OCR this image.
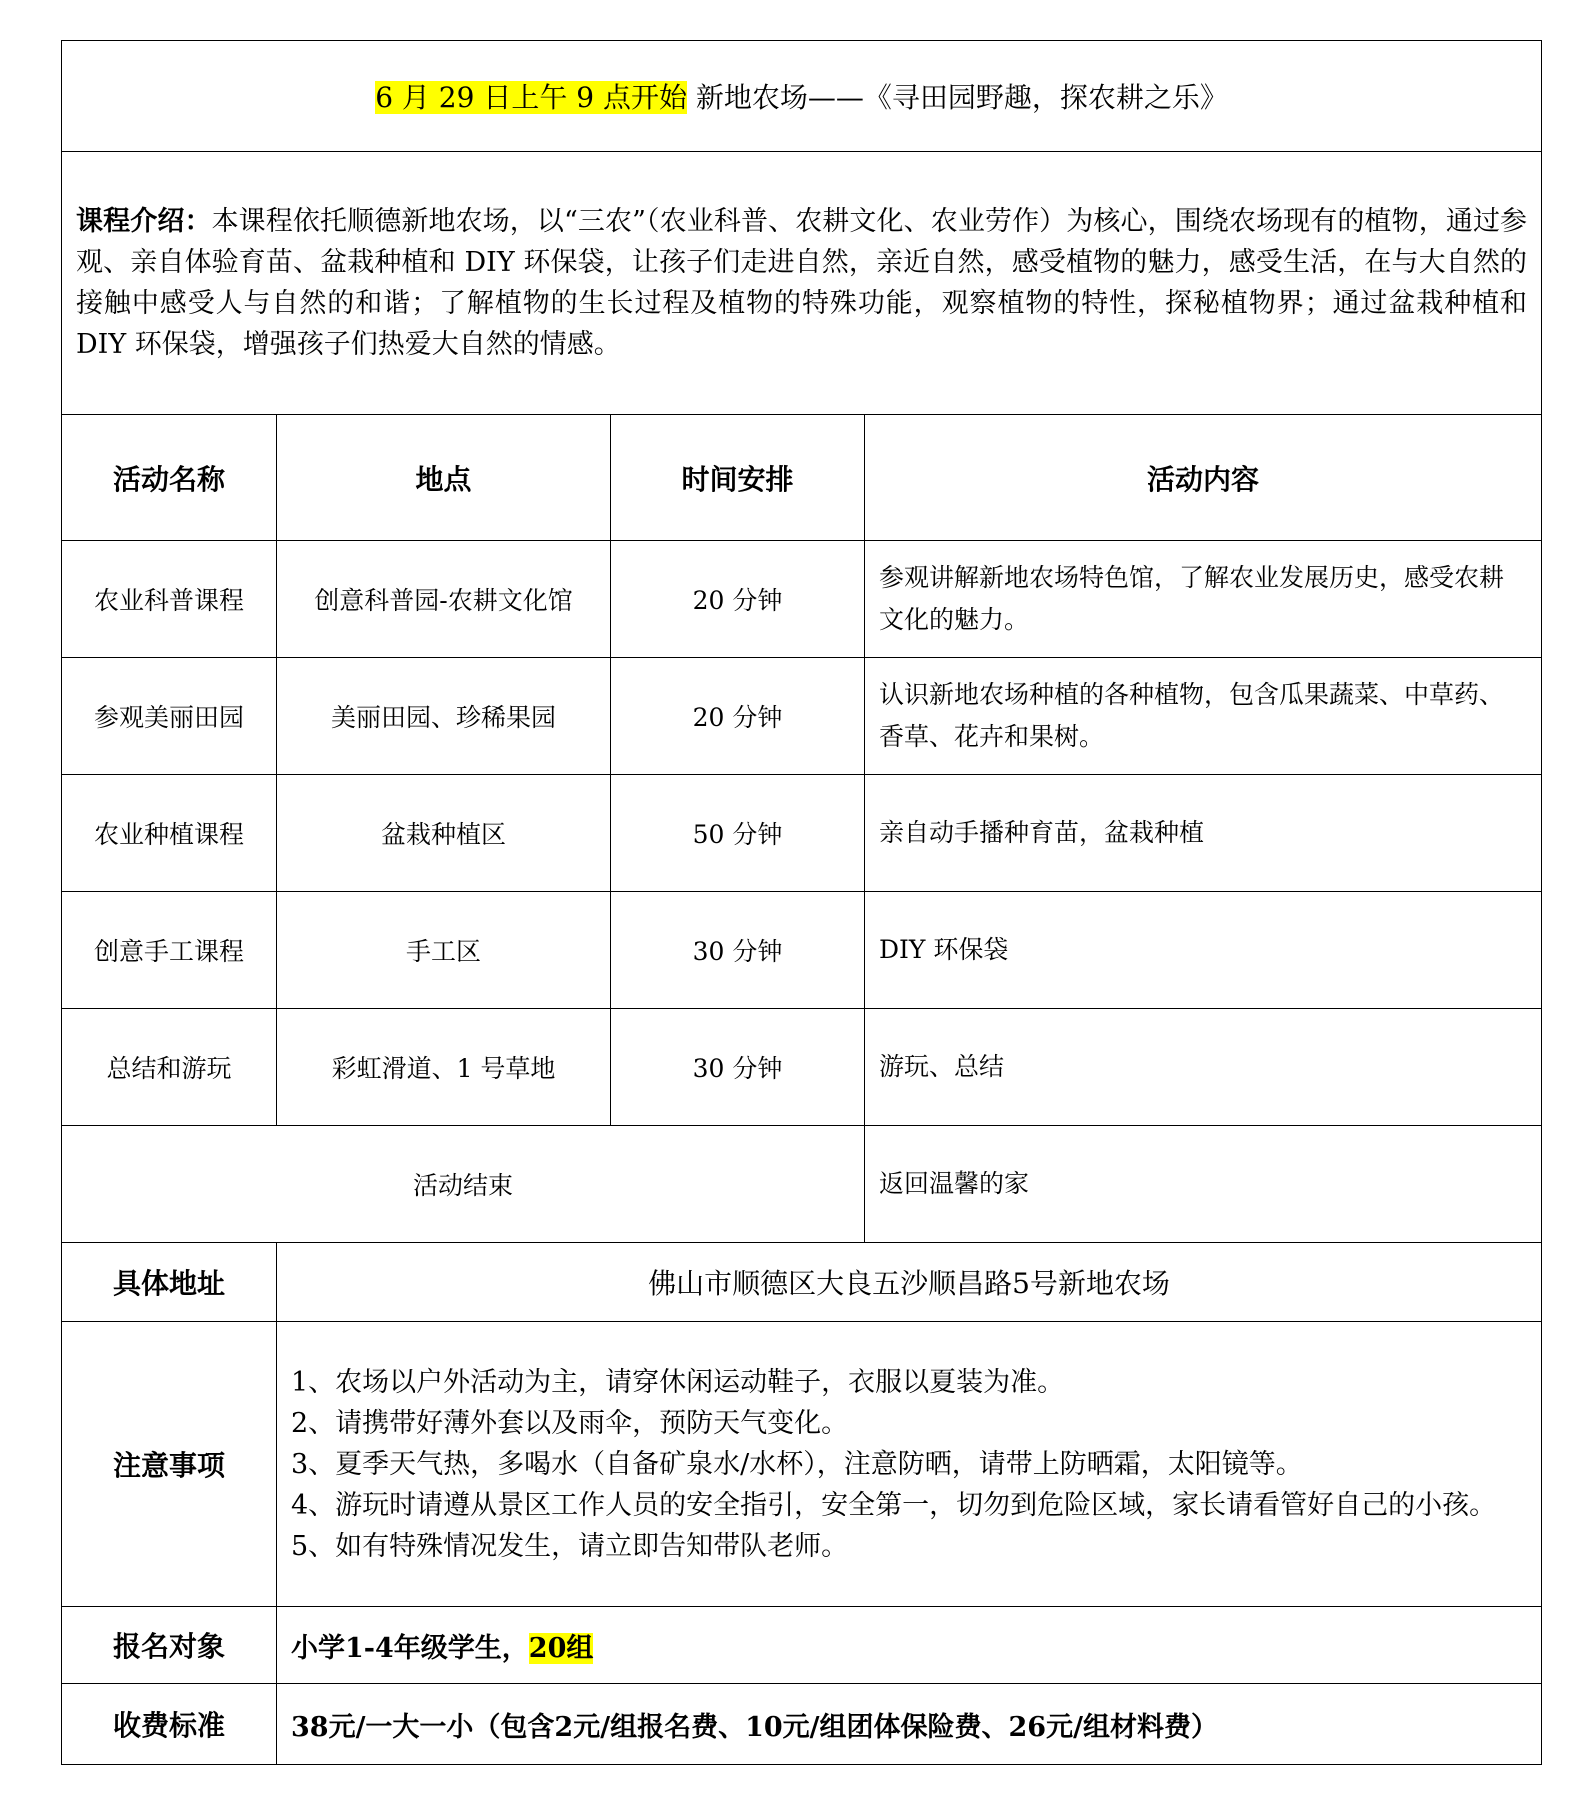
6 月 29 日上午 9 点开始 新地农场——《寻田园野趣，探农耕之乐》			
课程介绍：本课程依托顺德新地农场，以“三农”（农业科普、农耕文化、农业劳作）为核心，围绕农场现有的植物，通过参观、亲自体验育苗、盆栽种植和 DIY 环保袋，让孩子们走进自然，亲近自然，感受植物的魅力，感受生活，在与大自然的接触中感受人与自然的和谐；了解植物的生长过程及植物的特殊功能，观察植物的特性，探秘植物界；通过盆栽种植和 DIY 环保袋，增强孩子们热爱大自然的情感。			
活动名称	地点	时间安排	活动内容
农业科普课程	创意科普园-农耕文化馆	20 分钟	参观讲解新地农场特色馆，了解农业发展历史，感受农耕文化的魅力。
参观美丽田园	美丽田园、珍稀果园	20 分钟	认识新地农场种植的各种植物，包含瓜果蔬菜、中草药、香草、花卉和果树。
农业种植课程	盆栽种植区	50 分钟	亲自动手播种育苗，盆栽种植
创意手工课程	手工区	30 分钟	DIY 环保袋
总结和游玩	彩虹滑道、1 号草地	30 分钟	游玩、总结
活动结束			返回温馨的家
具体地址	佛山市顺德区大良五沙顺昌路5号新地农场		
注意事项	1、农场以户外活动为主，请穿休闲运动鞋子，衣服以夏装为准。
2、请携带好薄外套以及雨伞，预防天气变化。
3、夏季天气热，多喝水（自备矿泉水/水杯），注意防晒，请带上防晒霜，太阳镜等。
4、游玩时请遵从景区工作人员的安全指引，安全第一，切勿到危险区域，家长请看管好自己的小孩。
5、如有特殊情况发生，请立即告知带队老师。		

报名对象	小学1-4年级学生，20组		
收费标准	38元/一大一小（包含2元/组报名费、10元/组团体保险费、26元/组材料费）		
